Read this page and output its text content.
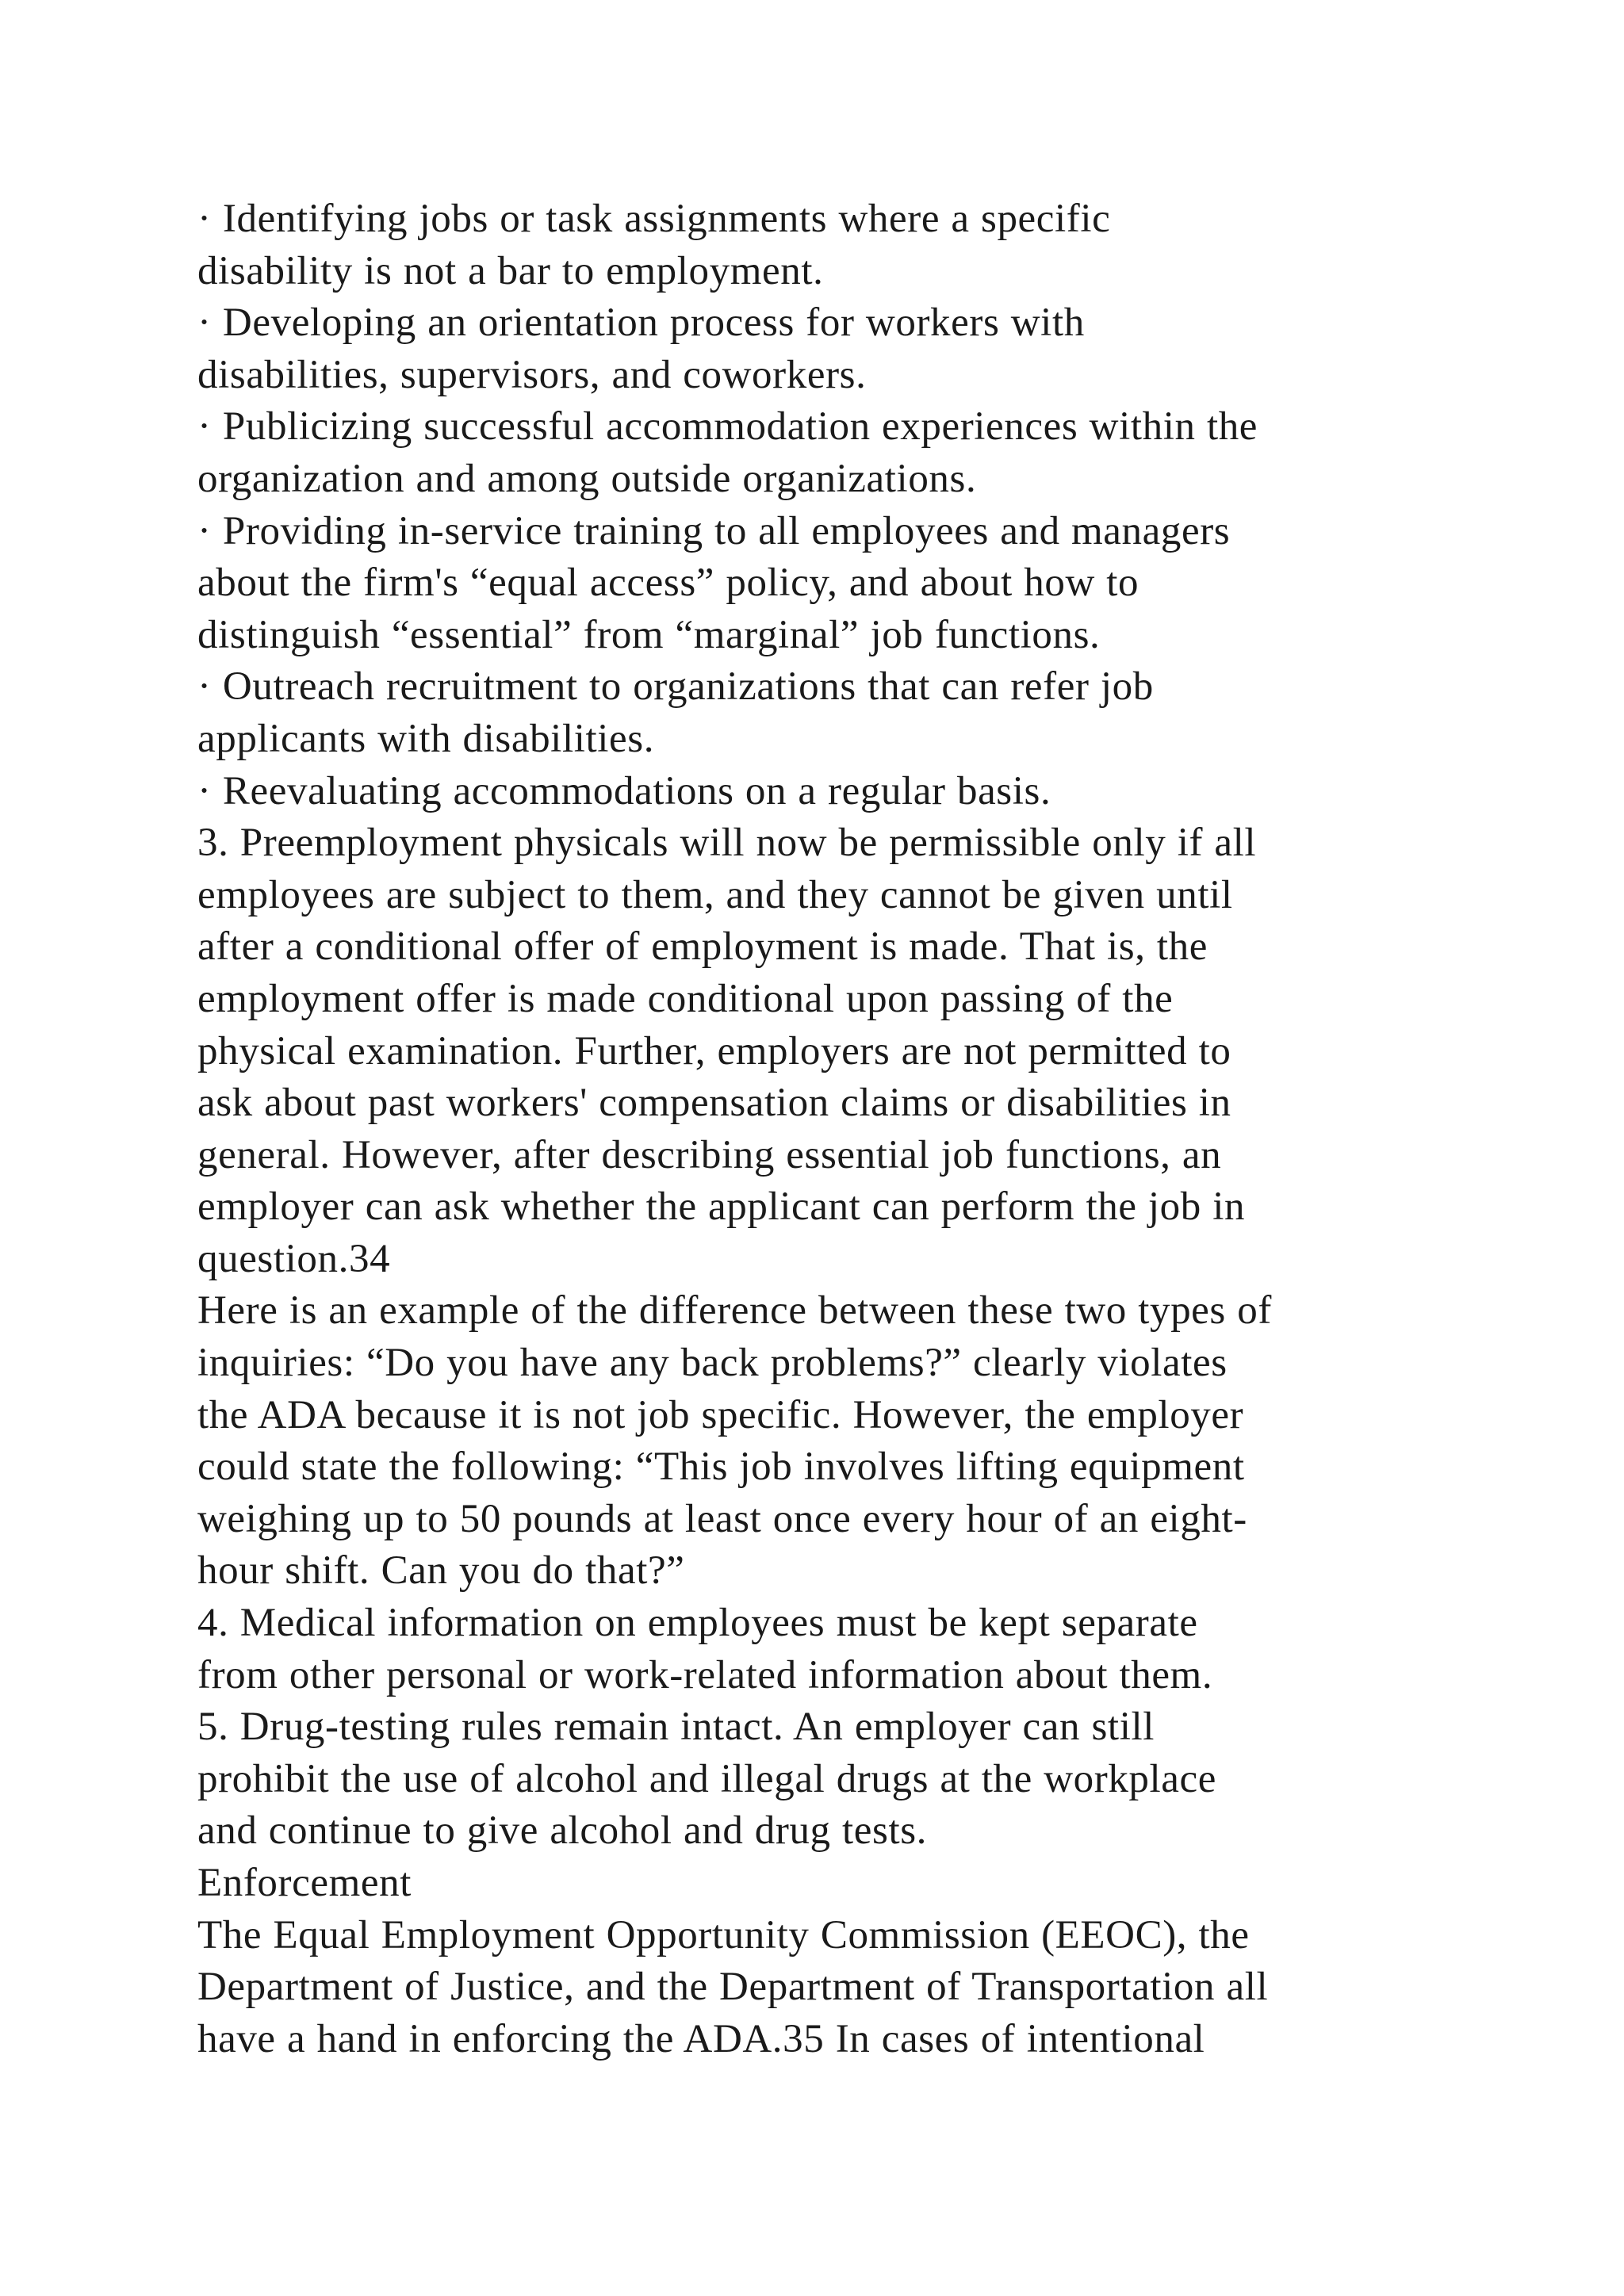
· Identifying jobs or task assignments where a specific
disability is not a bar to employment.
· Developing an orientation process for workers with
disabilities, supervisors, and coworkers.
· Publicizing successful accommodation experiences within the
organization and among outside organizations.
· Providing in-service training to all employees and managers
about the firm's “equal access” policy, and about how to
distinguish “essential” from “marginal” job functions.
· Outreach recruitment to organizations that can refer job
applicants with disabilities.
· Reevaluating accommodations on a regular basis.
3. Preemployment physicals will now be permissible only if all
employees are subject to them, and they cannot be given until
after a conditional offer of employment is made. That is, the
employment offer is made conditional upon passing of the
physical examination. Further, employers are not permitted to
ask about past workers' compensation claims or disabilities in
general. However, after describing essential job functions, an
employer can ask whether the applicant can perform the job in
question.34
Here is an example of the difference between these two types of
inquiries: “Do you have any back problems?” clearly violates
the ADA because it is not job specific. However, the employer
could state the following: “This job involves lifting equipment
weighing up to 50 pounds at least once every hour of an eight-
hour shift. Can you do that?”
4. Medical information on employees must be kept separate
from other personal or work-related information about them.
5. Drug-testing rules remain intact. An employer can still
prohibit the use of alcohol and illegal drugs at the workplace
and continue to give alcohol and drug tests.
Enforcement
The Equal Employment Opportunity Commission (EEOC), the
Department of Justice, and the Department of Transportation all
have a hand in enforcing the ADA.35 In cases of intentional
